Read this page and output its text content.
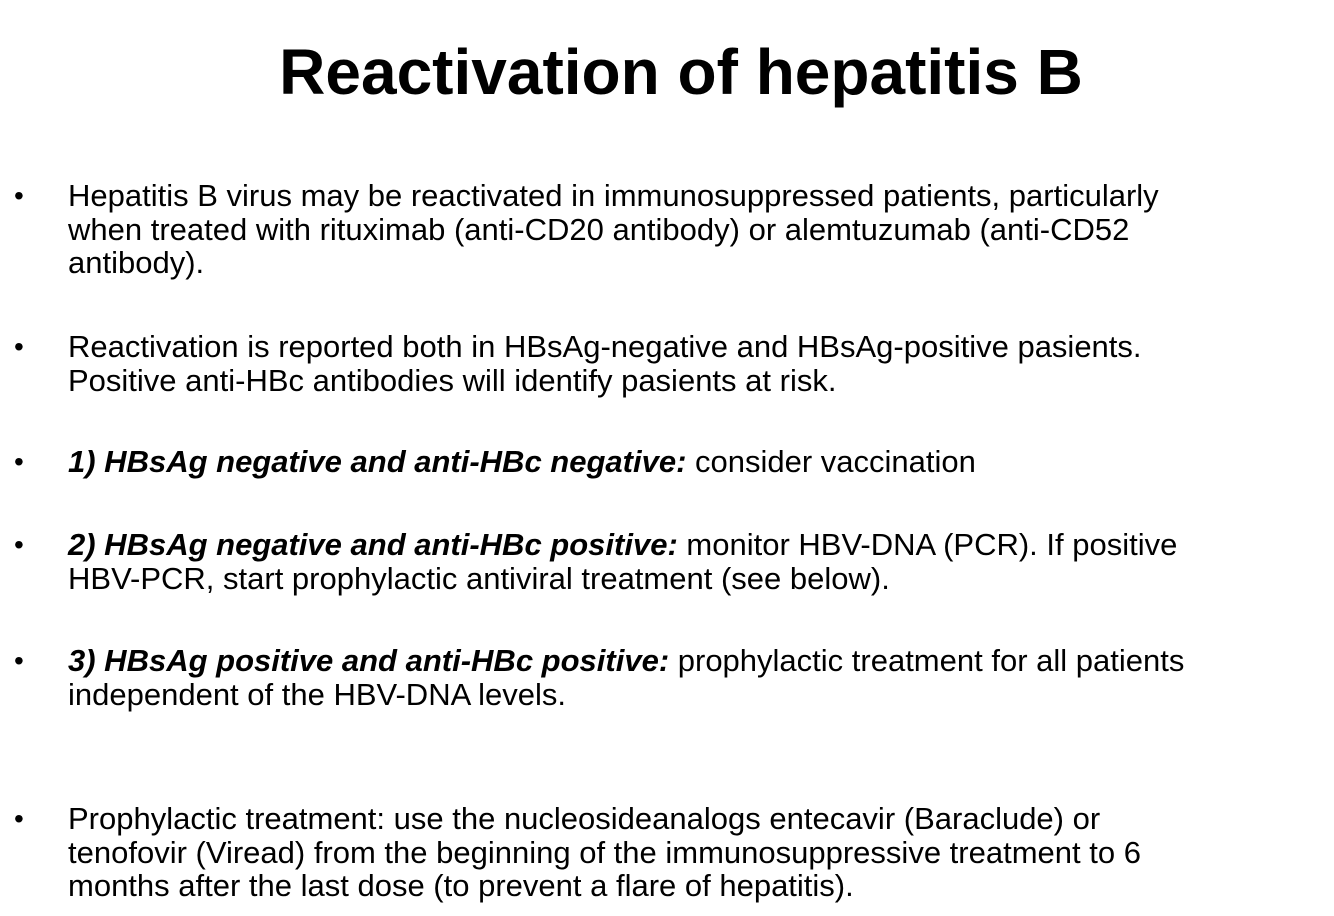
Reactivation of hepatitis B
• Hepatitis B virus may be reactivated in immunosuppressed patients, particularly
when treated with rituximab (anti-CD20 antibody) or alemtuzumab (anti-CD52
antibody).

• Reactivation is reported both in HBsAg-negative and HBsAg-positive pasients.
Positive anti-HBc antibodies will identify pasients at risk.

• 1) HBsAg negative and anti-HBc negative: consider vaccination

• 2) HBsAg negative and anti-HBc positive: monitor HBV-DNA (PCR). If positive
HBV-PCR, start prophylactic antiviral treatment (see below).

• 3) HBsAg positive and anti-HBc positive: prophylactic treatment for all patients
independent of the HBV-DNA levels.

• Prophylactic treatment: use the nucleosideanalogs entecavir (Baraclude) or
tenofovir (Viread) from the beginning of the immunosuppressive treatment to 6
months after the last dose (to prevent a flare of hepatitis).
